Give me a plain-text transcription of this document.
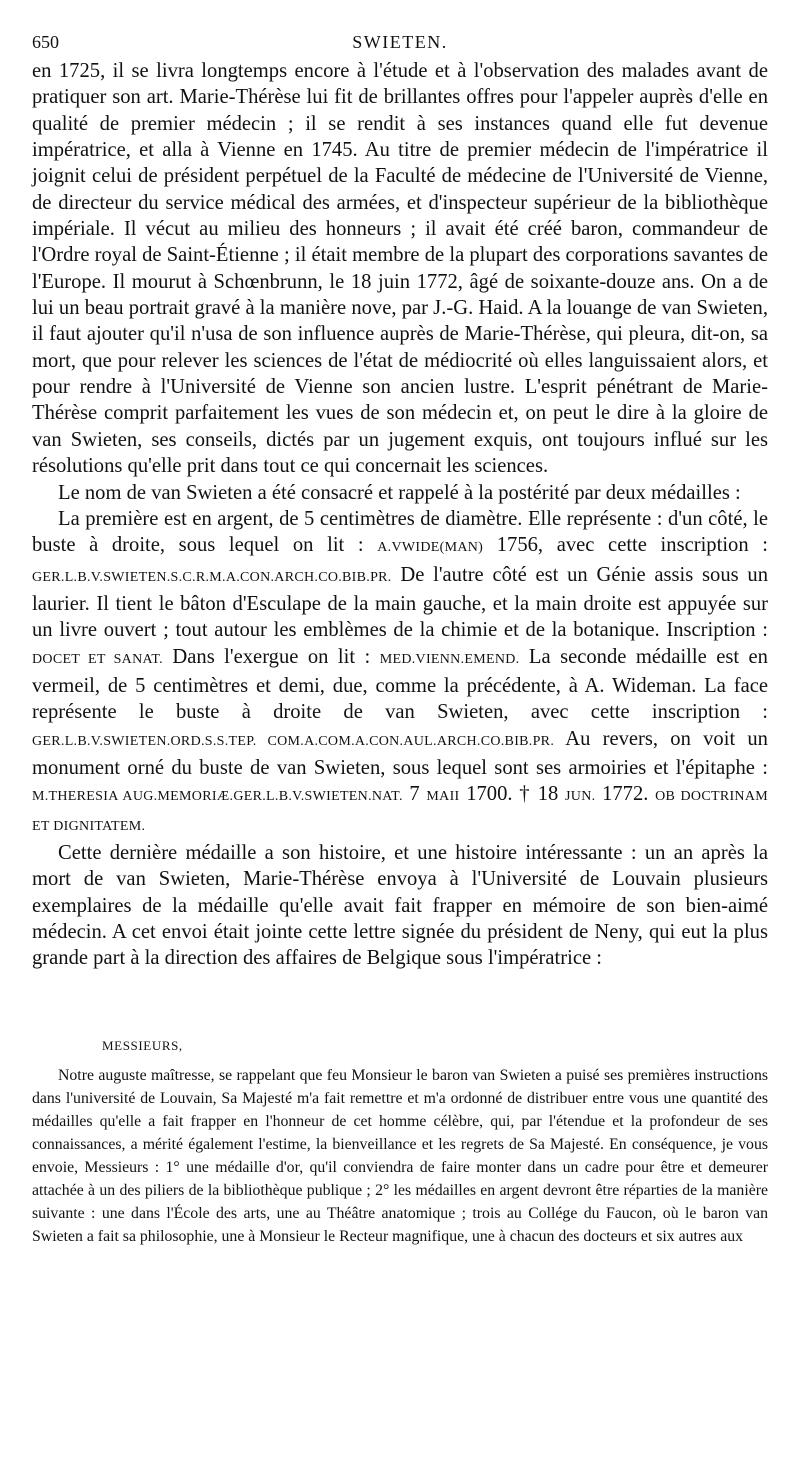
650	SWIETEN.

en 1725, il se livra longtemps encore à l'étude et à l'observation des malades avant de pratiquer son art. Marie-Thérèse lui fit de brillantes offres pour l'appeler auprès d'elle en qualité de premier médecin ; il se rendit à ses instances quand elle fut devenue impératrice, et alla à Vienne en 1745. Au titre de premier médecin de l'impératrice il joignit celui de président perpétuel de la Faculté de médecine de l'Université de Vienne, de directeur du service médical des armées, et d'inspecteur supérieur de la bibliothèque impériale. Il vécut au milieu des honneurs ; il avait été créé baron, commandeur de l'Ordre royal de Saint-Étienne ; il était membre de la plupart des corporations savantes de l'Europe. Il mourut à Schœnbrunn, le 18 juin 1772, âgé de soixante-douze ans. On a de lui un beau portrait gravé à la manière nove, par J.-G. Haid. A la louange de van Swieten, il faut ajouter qu'il n'usa de son influence auprès de Marie-Thérèse, qui pleura, dit-on, sa mort, que pour relever les sciences de l'état de médiocrité où elles languissaient alors, et pour rendre à l'Université de Vienne son ancien lustre. L'esprit pénétrant de Marie-Thérèse comprit parfaitement les vues de son médecin et, on peut le dire à la gloire de van Swieten, ses conseils, dictés par un jugement exquis, ont toujours influé sur les résolutions qu'elle prit dans tout ce qui concernait les sciences.

Le nom de van Swieten a été consacré et rappelé à la postérité par deux médailles :

La première est en argent, de 5 centimètres de diamètre. Elle représente : d'un côté, le buste à droite, sous lequel on lit : A.VWIDE(MAN) 1756, avec cette inscription : GER.L.B.V.SWIETEN.S.C.R.M.A.CON.ARCH.CO.BIB.PR. De l'autre côté est un Génie assis sous un laurier. Il tient le bâton d'Esculape de la main gauche, et la main droite est appuyée sur un livre ouvert ; tout autour les emblèmes de la chimie et de la botanique. Inscription : DOCET ET SANAT. Dans l'exergue on lit : MED.VIENN.EMEND. La seconde médaille est en vermeil, de 5 centimètres et demi, due, comme la précédente, à A. Wideman. La face représente le buste à droite de van Swieten, avec cette inscription : GER.L.B.V.SWIETEN.ORD.S.S.TEP. COM.A.COM.A.CON.AUL.ARCH.CO.BIB.PR. Au revers, on voit un monument orné du buste de van Swieten, sous lequel sont ses armoiries et l'épitaphe : M.THERESIA AUG.MEMORIÆ.GER.L.B.V.SWIETEN.NAT. 7 MAII 1700. † 18 JUN. 1772. OB DOCTRINAM ET DIGNITATEM.

Cette dernière médaille a son histoire, et une histoire intéressante : un an après la mort de van Swieten, Marie-Thérèse envoya à l'Université de Louvain plusieurs exemplaires de la médaille qu'elle avait fait frapper en mémoire de son bien-aimé médecin. A cet envoi était jointe cette lettre signée du président de Neny, qui eut la plus grande part à la direction des affaires de Belgique sous l'impératrice :

MESSIEURS,

Notre auguste maîtresse, se rappelant que feu Monsieur le baron van Swieten a puisé ses premières instructions dans l'université de Louvain, Sa Majesté m'a fait remettre et m'a ordonné de distribuer entre vous une quantité des médailles qu'elle a fait frapper en l'honneur de cet homme célèbre, qui, par l'étendue et la profondeur de ses connaissances, a mérité également l'estime, la bienveillance et les regrets de Sa Majesté. En conséquence, je vous envoie, Messieurs : 1° une médaille d'or, qu'il conviendra de faire monter dans un cadre pour être et demeurer attachée à un des piliers de la bibliothèque publique ; 2° les médailles en argent devront être réparties de la manière suivante : une dans l'École des arts, une au Théâtre anatomique ; trois au Collége du Faucon, où le baron van Swieten a fait sa philosophie, une à Monsieur le Recteur magnifique, une à chacun des docteurs et six autres aux
